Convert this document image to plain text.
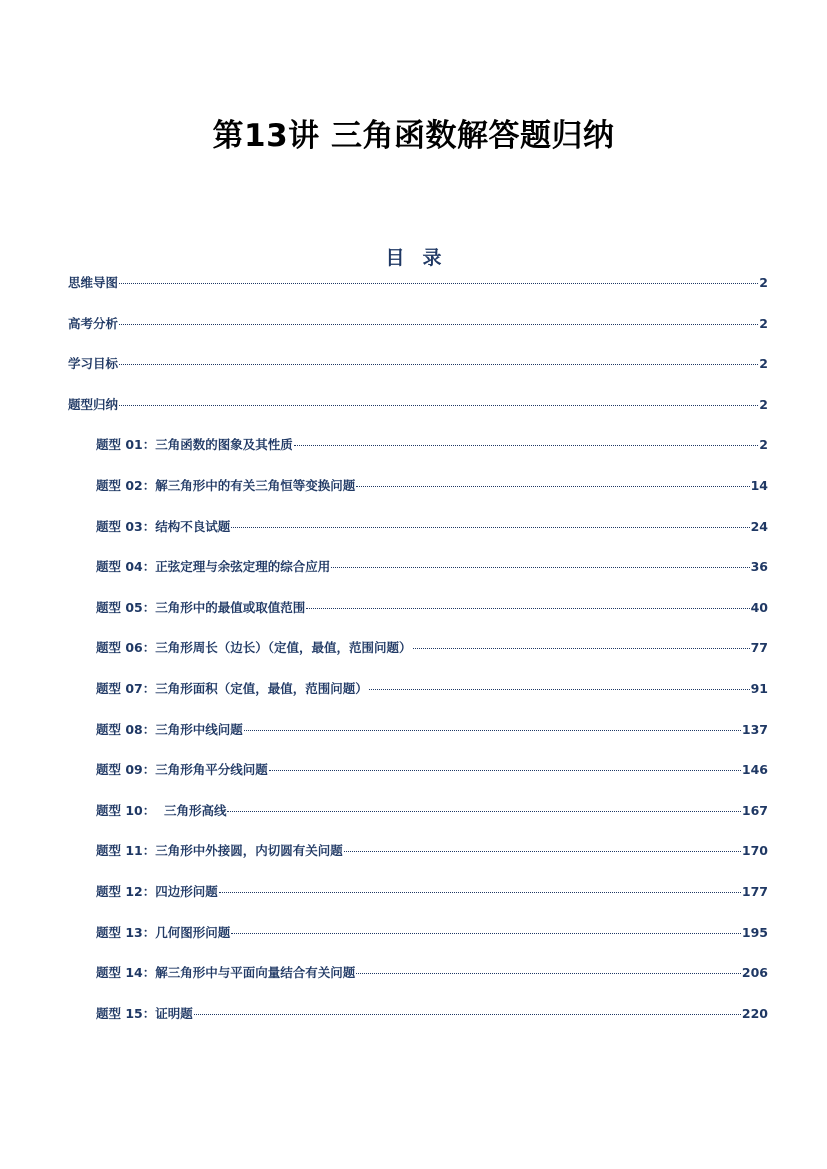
第13讲 三角函数解答题归纳
目录
思维导图	2
高考分析	2
学习目标	2
题型归纳	2
题型 01：三角函数的图象及其性质	2
题型 02：解三角形中的有关三角恒等变换问题	14
题型 03：结构不良试题	24
题型 04：正弦定理与余弦定理的综合应用	36
题型 05：三角形中的最值或取值范围	40
题型 06：三角形周长（边长）（定值，最值，范围问题）	77
题型 07：三角形面积（定值，最值，范围问题）	91
题型 08：三角形中线问题	137
题型 09：三角形角平分线问题	146
题型 10：  三角形高线	167
题型 11：三角形中外接圆，内切圆有关问题	170
题型 12：四边形问题	177
题型 13：几何图形问题	195
题型 14：解三角形中与平面向量结合有关问题	206
题型 15：证明题	220
